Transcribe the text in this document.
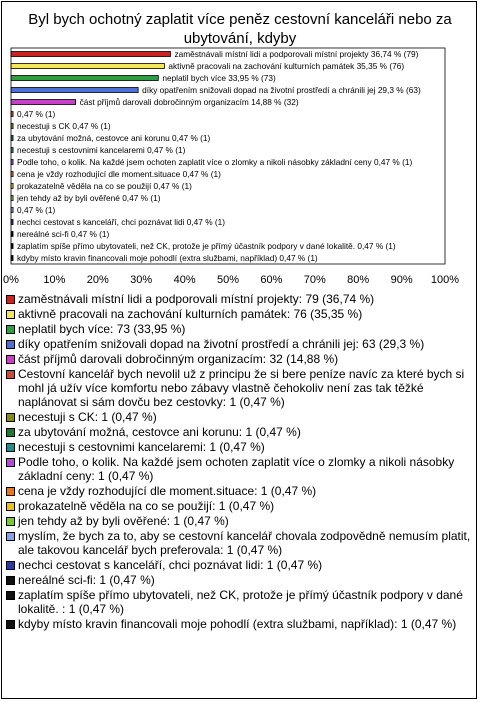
Byl bych ochotný zaplatit více peněz cestovní kanceláři nebo za ubytování, kdyby
zaměstnávali místní lidi a podporovali místní projekty 36,74 % (79)
aktivně pracovali na zachování kulturních památek 35,35 % (76)
neplatil bych více 33,95 % (73)
díky opatřením snižovali dopad na životní prostředí a chránili jej 29,3 % (63)
část příjmů darovali dobročinným organizacím 14,88 % (32)
0,47 % (1)
necestuji s CK 0,47 % (1)
za ubytování možná, cestovce ani korunu 0,47 % (1)
necestuji s cestovnimi kancelaremi 0,47 % (1)
Podle toho, o kolik. Na každé jsem ochoten zaplatit více o zlomky a nikoli násobky základní ceny 0,47 % (1)
cena je vždy rozhodující dle moment.situace 0,47 % (1)
prokazatelně věděla na co se použijí 0,47 % (1)
jen tehdy až by byli ověřené 0,47 % (1)
0,47 % (1)
nechci cestovat s kanceláří, chci poznávat lidi 0,47 % (1)
nereálné sci-fi 0,47 % (1)
zaplatím spíše přímo ubytovateli, než CK, protože je přímý účastník podpory v dané lokalitě. 0,47 % (1)
kdyby místo kravin financovali moje pohodlí (extra službami, například) 0,47 % (1)
0% 10% 20% 30% 40% 50% 60% 70% 80% 90% 100%
zaměstnávali místní lidi a podporovali místní projekty: 79 (36,74 %)
aktivně pracovali na zachování kulturních památek: 76 (35,35 %)
neplatil bych více: 73 (33,95 %)
díky opatřením snižovali dopad na životní prostředí a chránili jej: 63 (29,3 %)
část příjmů darovali dobročinným organizacím: 32 (14,88 %)
Cestovní kancelář bych nevolil už z principu že si bere peníze navíc za které bych si mohl já užív více komfortu nebo zábavy vlastně čehokoliv není zas tak těžké naplánovat si sám dovču bez cestovky: 1 (0,47 %)
necestuji s CK: 1 (0,47 %)
za ubytování možná, cestovce ani korunu: 1 (0,47 %)
necestuji s cestovnimi kancelaremi: 1 (0,47 %)
Podle toho, o kolik. Na každé jsem ochoten zaplatit více o zlomky a nikoli násobky základní ceny: 1 (0,47 %)
cena je vždy rozhodující dle moment.situace: 1 (0,47 %)
prokazatelně věděla na co se použijí: 1 (0,47 %)
jen tehdy až by byli ověřené: 1 (0,47 %)
myslím, že bych za to, aby se cestovní kancelář chovala zodpovědně nemusím platit, ale takovou kancelář bych preferovala: 1 (0,47 %)
nechci cestovat s kanceláří, chci poznávat lidi: 1 (0,47 %)
nereálné sci-fi: 1 (0,47 %)
zaplatím spíše přímo ubytovateli, než CK, protože je přímý účastník podpory v dané lokalitě. : 1 (0,47 %)
kdyby místo kravin financovali moje pohodlí (extra službami, například): 1 (0,47 %)
